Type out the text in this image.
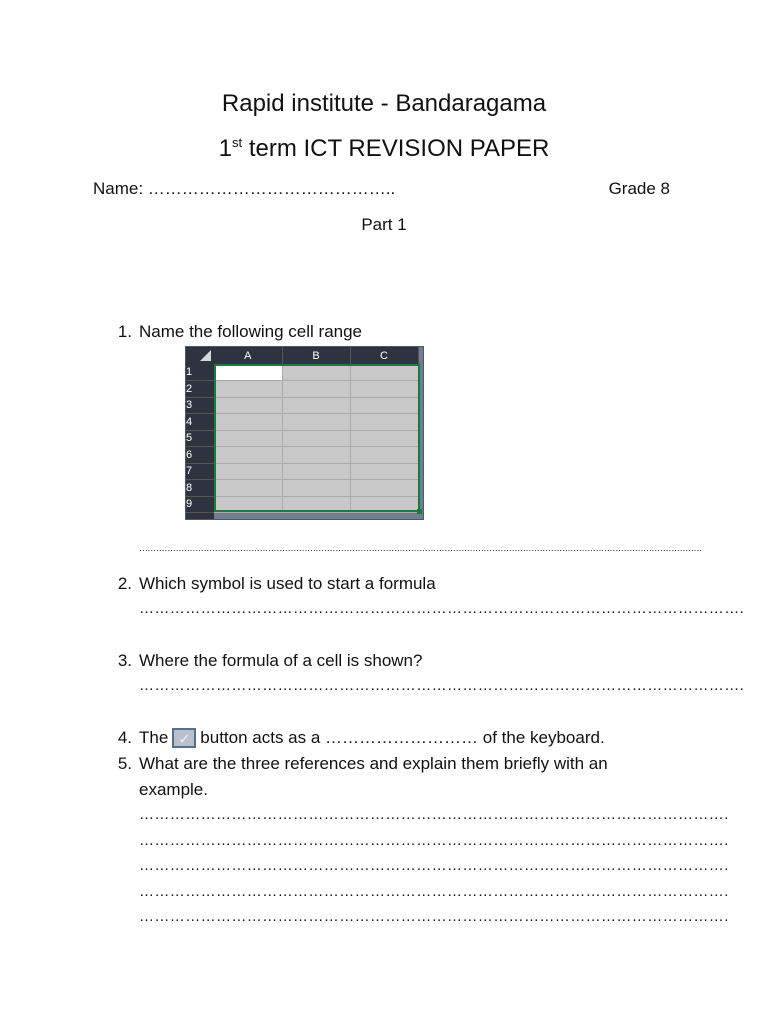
Rapid institute - Bandaragama
1st term ICT REVISION PAPER
Name: ……………………………………..	Grade 8
Part 1
1. Name the following cell range
	A	B	C
1			
2			
3			
4			
5			
6			
7			
8			
9			
…………………………………………………………………………………………………………………………………………………………………………………
2. Which symbol is used to start a formula
……………………………………………………………………………………………………….
3. Where the formula of a cell is shown?
……………………………………………………………………………………………………….
4. The ✓ button acts as a ……………………… of the keyboard.
5. What are the three references and explain them briefly with an
example.
…………………………………………………………………………………………………….
…………………………………………………………………………………………………….
…………………………………………………………………………………………………….
…………………………………………………………………………………………………….
…………………………………………………………………………………………………….
